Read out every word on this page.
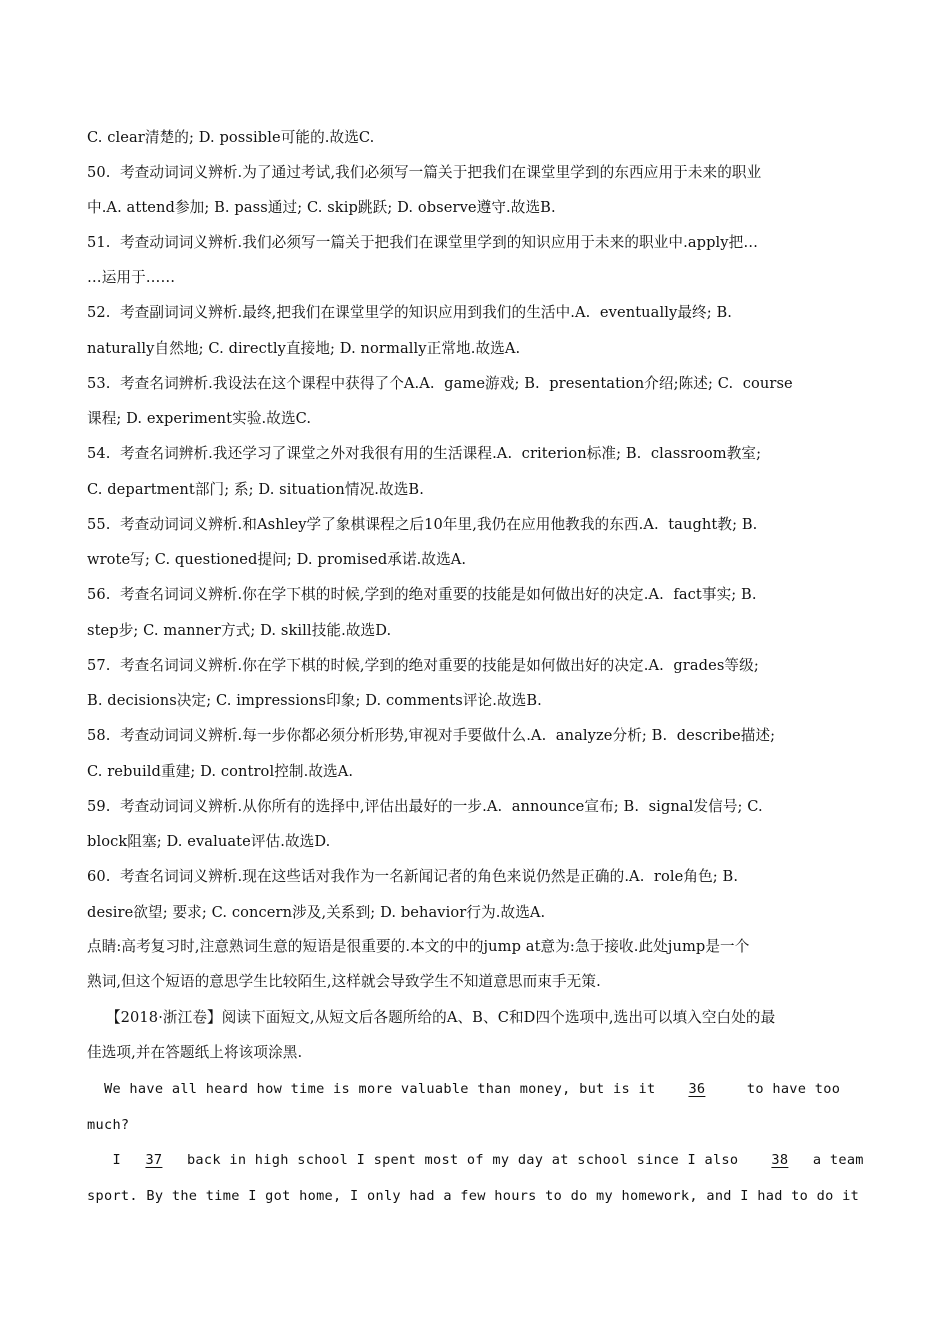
C. clear清楚的; D. possible可能的.故选C.
50.  考查动词词义辨析.为了通过考试,我们必须写一篇关于把我们在课堂里学到的东西应用于未来的职业
中.A. attend参加; B. pass通过; C. skip跳跃; D. observe遵守.故选B.
51.  考查动词词义辨析.我们必须写一篇关于把我们在课堂里学到的知识应用于未来的职业中.apply把…
…运用于……
52.  考查副词词义辨析.最终,把我们在课堂里学的知识应用到我们的生活中.A.  eventually最终; B.
naturally自然地; C. directly直接地; D. normally正常地.故选A.
53.  考查名词辨析.我设法在这个课程中获得了个A.A.  game游戏; B.  presentation介绍;陈述; C.  course
课程; D. experiment实验.故选C.
54.  考查名词辨析.我还学习了课堂之外对我很有用的生活课程.A.  criterion标准; B.  classroom教室;
C. department部门; 系; D. situation情况.故选B.
55.  考查动词词义辨析.和Ashley学了象棋课程之后10年里,我仍在应用他教我的东西.A.  taught教; B.
wrote写; C. questioned提问; D. promised承诺.故选A.
56.  考查名词词义辨析.你在学下棋的时候,学到的绝对重要的技能是如何做出好的决定.A.  fact事实; B.
step步; C. manner方式; D. skill技能.故选D.
57.  考查名词词义辨析.你在学下棋的时候,学到的绝对重要的技能是如何做出好的决定.A.  grades等级;
B. decisions决定; C. impressions印象; D. comments评论.故选B.
58.  考查动词词义辨析.每一步你都必须分析形势,审视对手要做什么.A.  analyze分析; B.  describe描述;
C. rebuild重建; D. control控制.故选A.
59.  考查动词词义辨析.从你所有的选择中,评估出最好的一步.A.  announce宣布; B.  signal发信号; C.
block阻塞; D. evaluate评估.故选D.
60.  考查名词词义辨析.现在这些话对我作为一名新闻记者的角色来说仍然是正确的.A.  role角色; B.
desire欲望; 要求; C. concern涉及,关系到; D. behavior行为.故选A.
点睛:高考复习时,注意熟词生意的短语是很重要的.本文的中的jump at意为:急于接收.此处jump是一个
熟词,但这个短语的意思学生比较陌生,这样就会导致学生不知道意思而束手无策.
【2018·浙江卷】阅读下面短文,从短文后各题所给的A、B、C和D四个选项中,选出可以填入空白处的最
佳选项,并在答题纸上将该项涂黑.
We have all heard how time is more valuable than money, but is it 36  to have too
much?
I 37 back in high school I spent most of my day at school since I also 38 a team
sport. By the time I got home, I only had a few hours to do my homework, and I had to do it
